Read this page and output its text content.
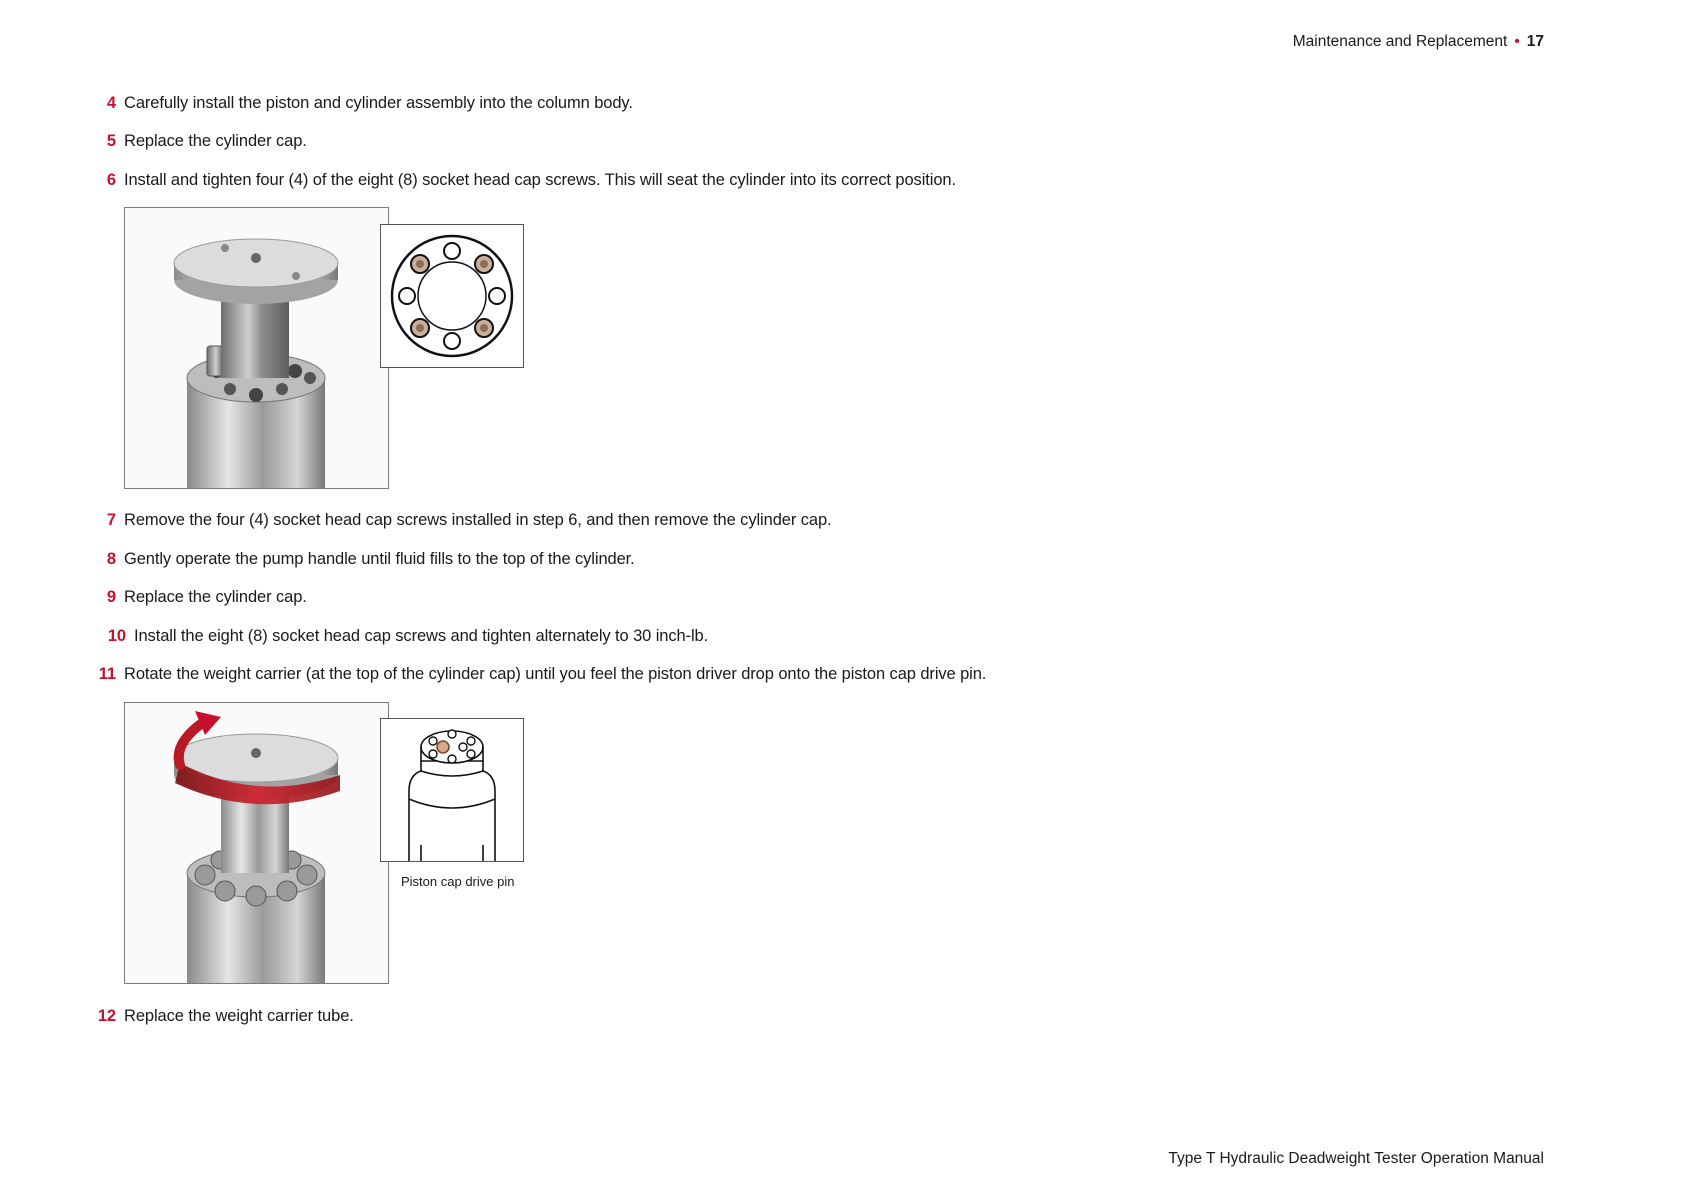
Maintenance and Replacement • 17
4 Carefully install the piston and cylinder assembly into the column body.
5 Replace the cylinder cap.
6 Install and tighten four (4) of the eight (8) socket head cap screws. This will seat the cylinder into its correct position.
7 Remove the four (4) socket head cap screws installed in step 6, and then remove the cylinder cap.
8 Gently operate the pump handle until fluid fills to the top of the cylinder.
9 Replace the cylinder cap.
10 Install the eight (8) socket head cap screws and tighten alternately to 30 inch-lb.
11 Rotate the weight carrier (at the top of the cylinder cap) until you feel the piston driver drop onto the piston cap drive pin.
Piston cap drive pin
12 Replace the weight carrier tube.
Type T Hydraulic Deadweight Tester Operation Manual
